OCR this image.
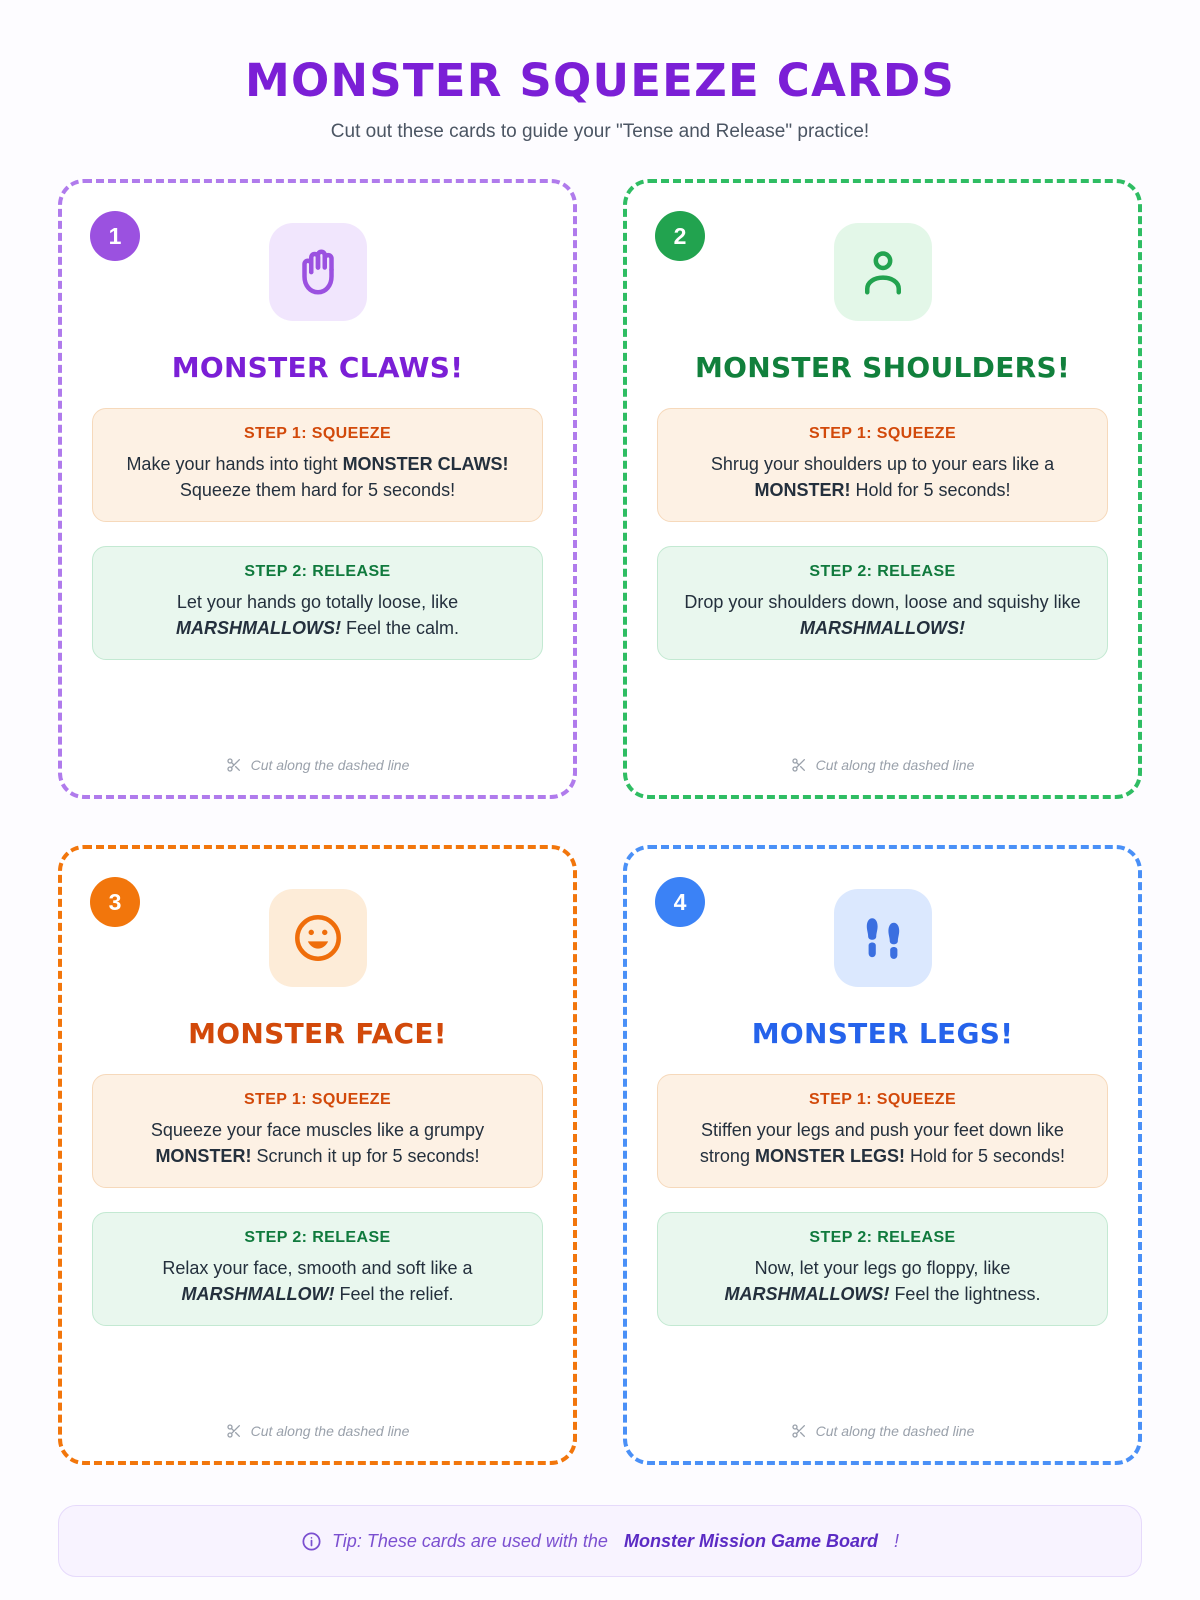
MONSTER SQUEEZE CARDS

Cut out these cards to guide your "Tense and Release" practice!

1
MONSTER CLAWS!
STEP 1: SQUEEZE
Make your hands into tight MONSTER CLAWS! Squeeze them hard for 5 seconds!
STEP 2: RELEASE
Let your hands go totally loose, like MARSHMALLOWS! Feel the calm.
Cut along the dashed line
2
MONSTER SHOULDERS!
STEP 1: SQUEEZE
Shrug your shoulders up to your ears like a MONSTER! Hold for 5 seconds!
STEP 2: RELEASE
Drop your shoulders down, loose and squishy like MARSHMALLOWS!
Cut along the dashed line
3
MONSTER FACE!
STEP 1: SQUEEZE
Squeeze your face muscles like a grumpy MONSTER! Scrunch it up for 5 seconds!
STEP 2: RELEASE
Relax your face, smooth and soft like a MARSHMALLOW! Feel the relief.
Cut along the dashed line
4
MONSTER LEGS!
STEP 1: SQUEEZE
Stiffen your legs and push your feet down like strong MONSTER LEGS! Hold for 5 seconds!
STEP 2: RELEASE
Now, let your legs go floppy, like MARSHMALLOWS! Feel the lightness.
Cut along the dashed line
Tip: These cards are used with the Monster Mission Game Board !
